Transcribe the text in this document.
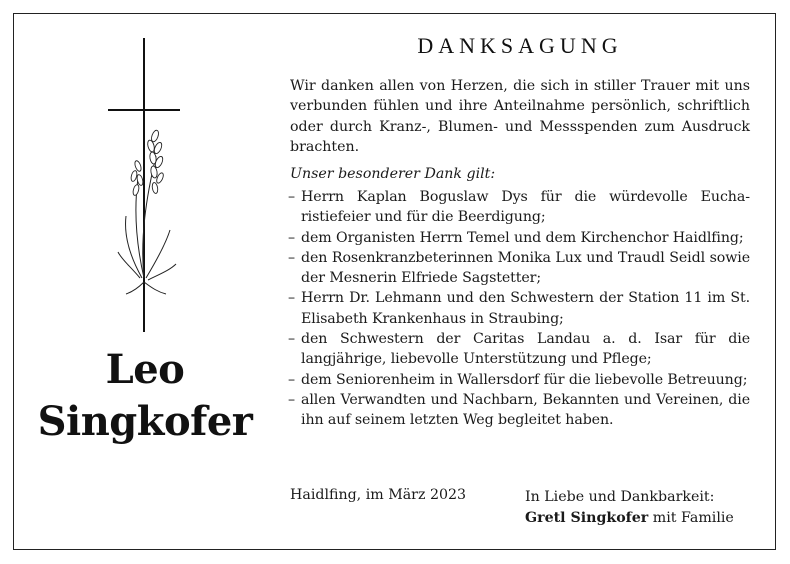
Leo
Singkofer
DANKSAGUNG

Wir danken allen von Herzen, die sich in stiller Trauer mit uns verbunden fühlen und ihre Anteilnahme persönlich, schriftlich oder durch Kranz-, Blumen- und Messspenden zum Ausdruck brachten.

Unser besonderer Dank gilt:
– Herrn Kaplan Boguslaw Dys für die würdevolle Eucharistiefeier und für die Beerdigung;
– dem Organisten Herrn Temel und dem Kirchenchor Haidlfing;
– den Rosenkranzbeterinnen Monika Lux und Traudl Seidl sowie der Mesnerin Elfriede Sagstetter;
– Herrn Dr. Lehmann und den Schwestern der Station 11 im St. Elisabeth Krankenhaus in Straubing;
– den Schwestern der Caritas Landau a. d. Isar für die langjährige, liebevolle Unterstützung und Pflege;
– dem Seniorenheim in Wallersdorf für die liebevolle Betreuung;
– allen Verwandten und Nachbarn, Bekannten und Vereinen, die ihn auf seinem letzten Weg begleitet haben.
Haidlfing, im März 2023	In Liebe und Dankbarkeit:
Gretl Singkofer mit Familie
